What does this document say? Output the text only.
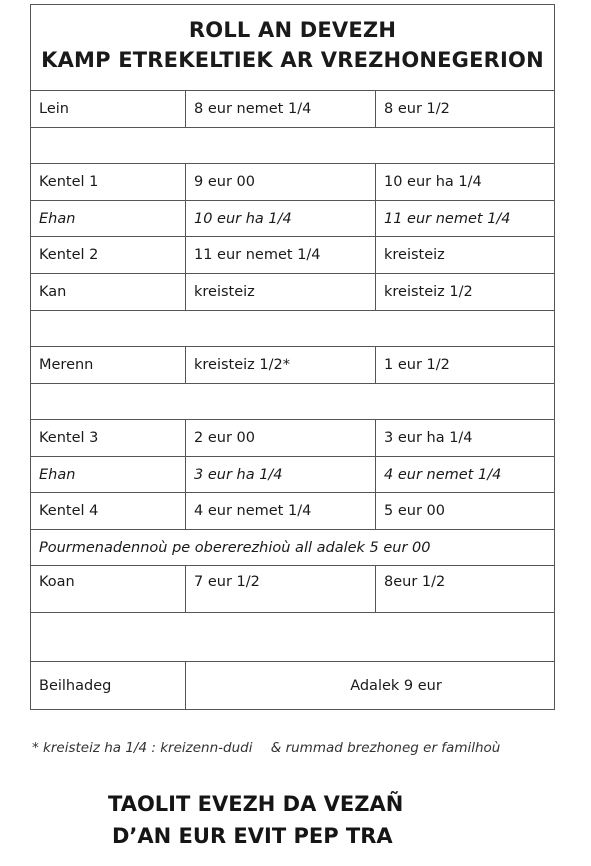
ROLL AN DEVEZH
KAMP ETREKELTIEK AR VREZHONEGERION
Lein	8 eur nemet 1/4	8 eur 1/2
Kentel 1	9 eur 00	10 eur ha 1/4
Ehan	10 eur ha 1/4	11 eur nemet 1/4
Kentel 2	11 eur nemet 1/4	kreisteiz
Kan	kreisteiz	kreisteiz 1/2
Merenn	kreisteiz 1/2*	1 eur 1/2
Kentel 3	2 eur 00	3 eur ha 1/4
Ehan	3 eur ha 1/4	4 eur nemet 1/4
Kentel 4	4 eur nemet 1/4	5 eur 00
Pourmenadennoù pe obererezhioù all adalek 5 eur 00
Koan	7 eur 1/2	8eur 1/2
Beilhadeg	Adalek 9 eur
* kreisteiz ha 1/4 : kreizenn-dudi & rummad brezhoneg er familhoù
TAOLIT EVEZH DA VEZAÑ
D’AN EUR EVIT PEP TRA
